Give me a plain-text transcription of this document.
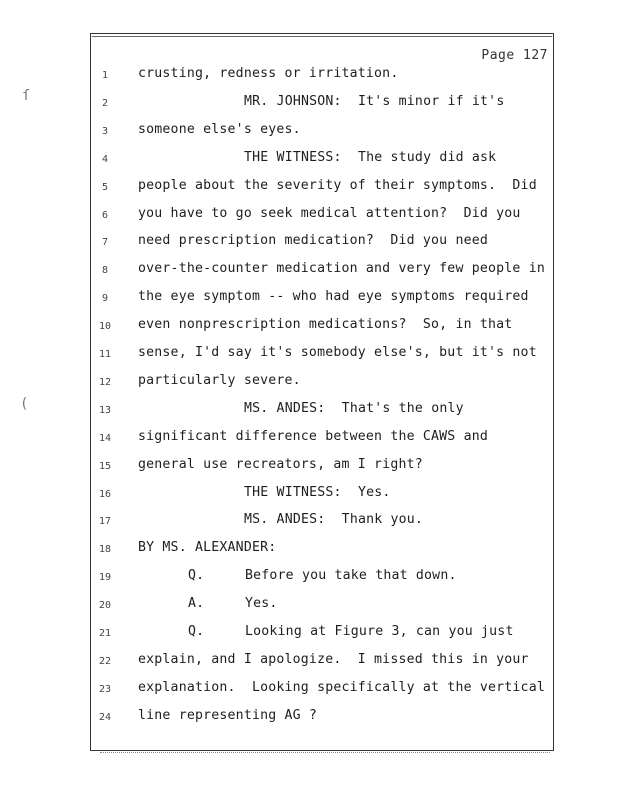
Page 127
ſ
(
1	crusting, redness or irritation.
2	MR. JOHNSON:  It's minor if it's
3	someone else's eyes.
4	THE WITNESS:  The study did ask
5	people about the severity of their symptoms.  Did
6	you have to go seek medical attention?  Did you
7	need prescription medication?  Did you need
8	over-the-counter medication and very few people in
9	the eye symptom -- who had eye symptoms required
10	even nonprescription medications?  So, in that
11	sense, I'd say it's somebody else's, but it's not
12	particularly severe.
13	MS. ANDES:  That's the only
14	significant difference between the CAWS and
15	general use recreators, am I right?
16	THE WITNESS:  Yes.
17	MS. ANDES:  Thank you.
18	BY MS. ALEXANDER:
19	Q.     Before you take that down.
20	A.     Yes.
21	Q.     Looking at Figure 3, can you just
22	explain, and I apologize.  I missed this in your
23	explanation.  Looking specifically at the vertical
24	line representing AG ?
